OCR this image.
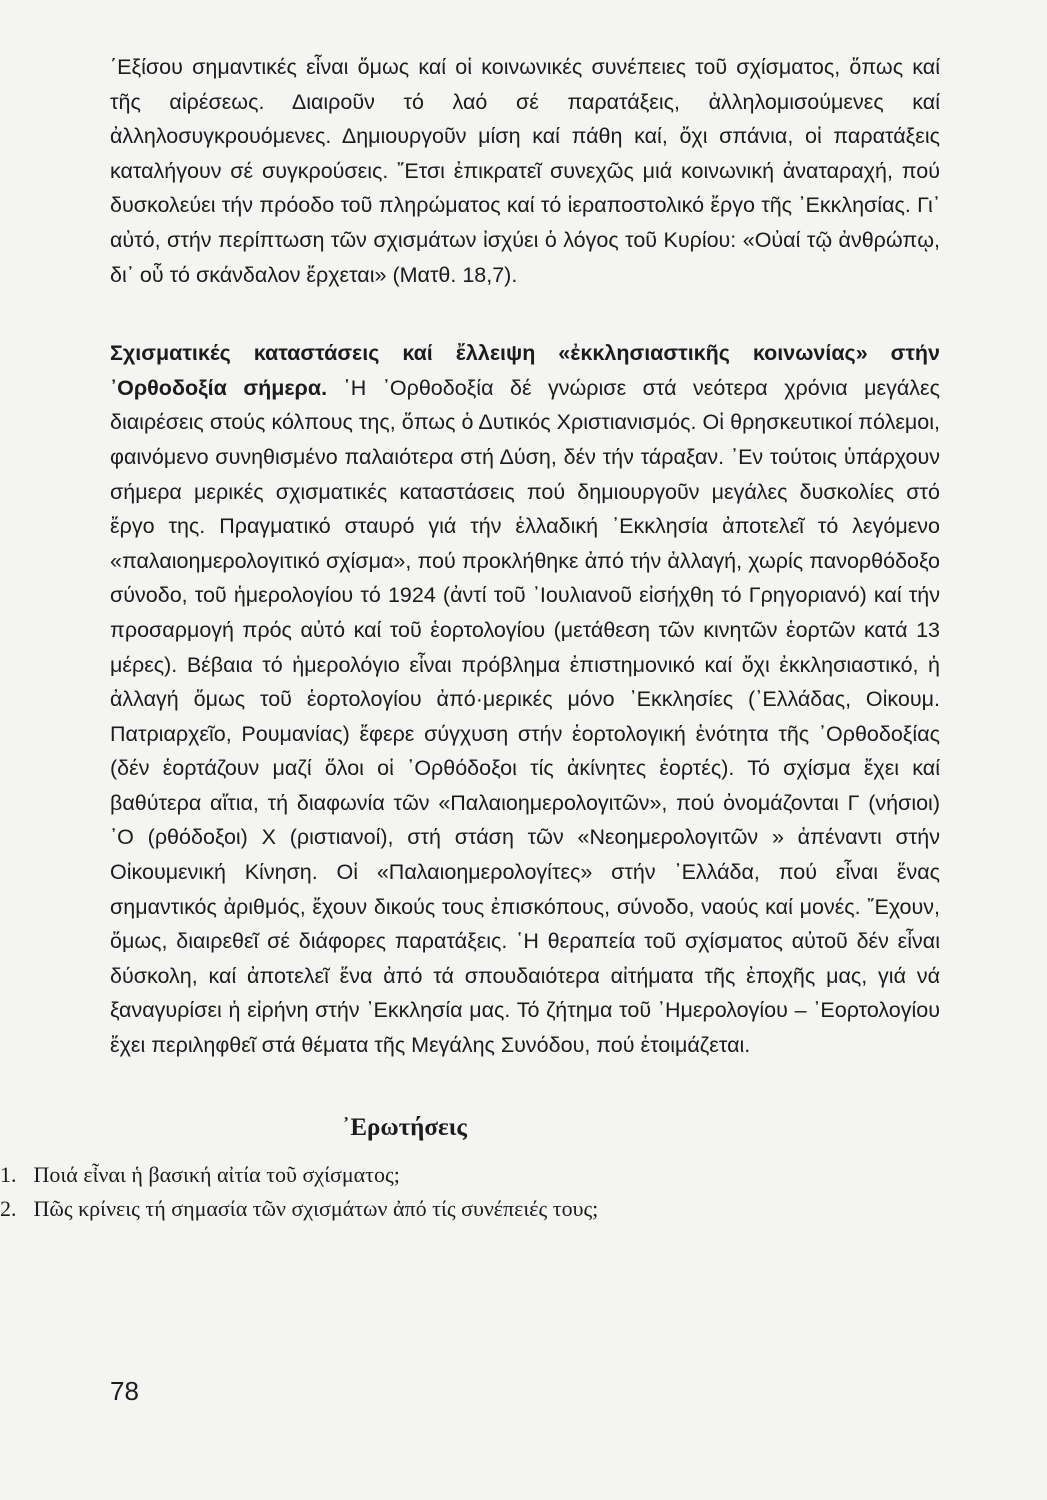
΄Εξίσου σημαντικές εἶναι ὅμως καί οἱ κοινωνικές συνέπειες τοῦ σχίσματος, ὅπως καί τῆς αἱρέσεως. Διαιροῦν τό λαό σέ παρατάξεις, ἀλληλομισούμενες καί ἀλληλοσυγκρουόμενες. Δημιουργοῦν μίση καί πάθη καί, ὄχι σπάνια, οἱ παρατάξεις καταλήγουν σέ συγκρούσεις. ῎Ετσι ἐπικρατεῖ συνεχῶς μιά κοινωνική ἀναταραχή, πού δυσκολεύει τήν πρόοδο τοῦ πληρώματος καί τό ἱεραποστολικό ἔργο τῆς ᾿Εκκλησίας. Γι᾿ αὐτό, στήν περίπτωση τῶν σχισμάτων ἰσχύει ὁ λόγος τοῦ Κυρίου: «Οὐαί τῷ ἀνθρώπῳ, δι᾿ οὗ τό σκάνδαλον ἔρχεται» (Ματθ. 18,7).

Σχισματικές καταστάσεις καί ἔλλειψη «ἐκκλησιαστικῆς κοινωνίας» στήν ᾿Ορθοδοξία σήμερα. ῾Η ᾿Ορθοδοξία δέ γνώρισε στά νεότερα χρόνια μεγάλες διαιρέσεις στούς κόλπους της, ὅπως ὁ Δυτικός Χριστιανισμός. Οἱ θρησκευτικοί πόλεμοι, φαινόμενο συνηθισμένο παλαιότερα στή Δύση, δέν τήν τάραξαν. ᾿Εν τούτοις ὑπάρχουν σήμερα μερικές σχισματικές καταστάσεις πού δημιουργοῦν μεγάλες δυσκολίες στό ἔργο της. Πραγματικό σταυρό γιά τήν ἑλλαδική ᾿Εκκλησία ἀποτελεῖ τό λεγόμενο «παλαιοημερολογιτικό σχίσμα», πού προκλήθηκε ἀπό τήν ἀλλαγή, χωρίς πανορθόδοξο σύνοδο, τοῦ ἡμερολογίου τό 1924 (ἀντί τοῦ ᾿Ιουλιανοῦ εἰσήχθη τό Γρηγοριανό) καί τήν προσαρμογή πρός αὐτό καί τοῦ ἑορτολογίου (μετάθεση τῶν κινητῶν ἑορτῶν κατά 13 μέρες). Βέβαια τό ἡμερολόγιο εἶναι πρόβλημα ἐπιστημονικό καί ὄχι ἐκκλησιαστικό, ἡ ἀλλαγή ὅμως τοῦ ἑορτολογίου ἀπό·μερικές μόνο ᾿Εκκλησίες (᾿Ελλάδας, Οἰκουμ. Πατριαρχεῖο, Ρουμανίας) ἔφερε σύγχυση στήν ἑορτολογική ἑνότητα τῆς ᾿Ορθοδοξίας (δέν ἑορτάζουν μαζί ὅλοι οἱ ᾿Ορθόδοξοι τίς ἀκίνητες ἑορτές). Τό σχίσμα ἔχει καί βαθύτερα αἴτια, τή διαφωνία τῶν «Παλαιοημερολογιτῶν», πού ὀνομάζονται Γ (νήσιοι) ᾿Ο (ρθόδοξοι) Χ (ριστιανοί), στή στάση τῶν «Νεοημερολογιτῶν » ἀπέναντι στήν Οἰκουμενική Κίνηση. Οἱ «Παλαιοημερολογίτες» στήν ᾿Ελλάδα, πού εἶναι ἕνας σημαντικός ἀριθμός, ἔχουν δικούς τους ἐπισκόπους, σύνοδο, ναούς καί μονές. ῎Εχουν, ὅμως, διαιρεθεῖ σέ διάφορες παρατάξεις. ῾Η θεραπεία τοῦ σχίσματος αὐτοῦ δέν εἶναι δύσκολη, καί ἀποτελεῖ ἕνα ἀπό τά σπουδαιότερα αἰτήματα τῆς ἐποχῆς μας, γιά νά ξαναγυρίσει ἡ εἰρήνη στήν ᾿Εκκλησία μας. Τό ζήτημα τοῦ ᾿Ημερολογίου – ᾿Εορτολογίου ἔχει περιληφθεῖ στά θέματα τῆς Μεγάλης Συνόδου, πού ἑτοιμάζεται.

᾿Ερωτήσεις
1. Ποιά εἶναι ἡ βασική αἰτία τοῦ σχίσματος;
2. Πῶς κρίνεις τή σημασία τῶν σχισμάτων ἀπό τίς συνέπειές τους;

78
